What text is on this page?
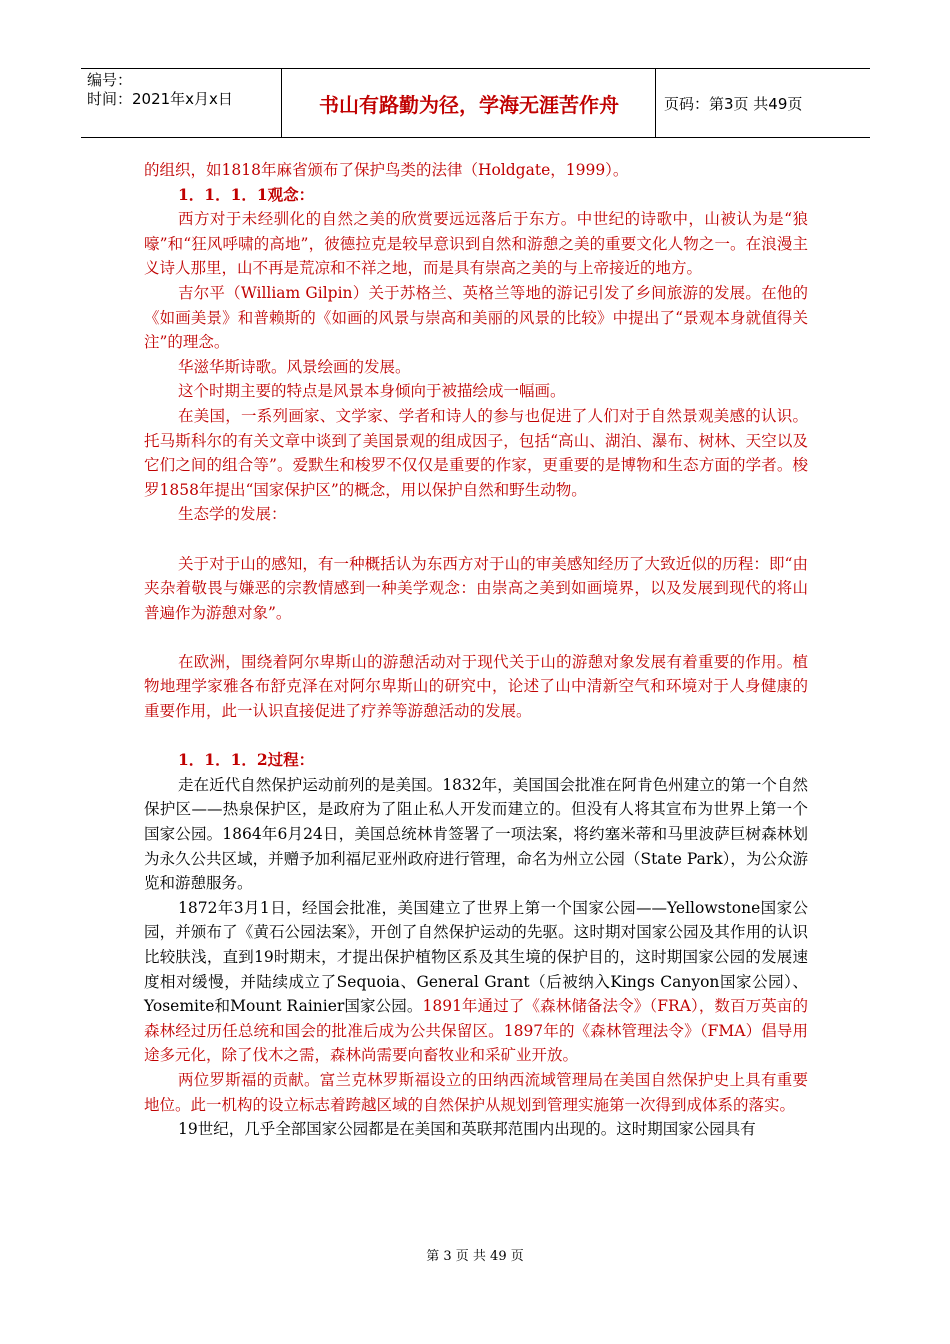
编号：
时间：2021年x月x日	书山有路勤为径，学海无涯苦作舟	页码：第3页 共49页

的组织，如1818年麻省颁布了保护鸟类的法律（Holdgate，1999）。

1．1．1．1观念：

西方对于未经驯化的自然之美的欣赏要远远落后于东方。中世纪的诗歌中，山被认为是“狼嚎”和“狂风呼啸的高地”，彼德拉克是较早意识到自然和游憩之美的重要文化人物之一。在浪漫主义诗人那里，山不再是荒凉和不祥之地，而是具有崇高之美的与上帝接近的地方。

吉尔平（William Gilpin）关于苏格兰、英格兰等地的游记引发了乡间旅游的发展。在他的《如画美景》和普赖斯的《如画的风景与崇高和美丽的风景的比较》中提出了“景观本身就值得关注”的理念。

华滋华斯诗歌。风景绘画的发展。

这个时期主要的特点是风景本身倾向于被描绘成一幅画。

在美国，一系列画家、文学家、学者和诗人的参与也促进了人们对于自然景观美感的认识。托马斯科尔的有关文章中谈到了美国景观的组成因子，包括“高山、湖泊、瀑布、树林、天空以及它们之间的组合等”。爱默生和梭罗不仅仅是重要的作家，更重要的是博物和生态方面的学者。梭罗1858年提出“国家保护区”的概念，用以保护自然和野生动物。

生态学的发展：

关于对于山的感知，有一种概括认为东西方对于山的审美感知经历了大致近似的历程：即“由夹杂着敬畏与嫌恶的宗教情感到一种美学观念：由崇高之美到如画境界，以及发展到现代的将山普遍作为游憩对象”。

在欧洲，围绕着阿尔卑斯山的游憩活动对于现代关于山的游憩对象发展有着重要的作用。植物地理学家雅各布舒克泽在对阿尔卑斯山的研究中，论述了山中清新空气和环境对于人身健康的重要作用，此一认识直接促进了疗养等游憩活动的发展。

1．1．1．2过程：

走在近代自然保护运动前列的是美国。1832年，美国国会批准在阿肯色州建立的第一个自然保护区——热泉保护区，是政府为了阻止私人开发而建立的。但没有人将其宣布为世界上第一个国家公园。1864年6月24日，美国总统林肯签署了一项法案，将约塞米蒂和马里波萨巨树森林划为永久公共区域，并赠予加利福尼亚州政府进行管理，命名为州立公园（State Park），为公众游览和游憩服务。

1872年3月1日，经国会批准，美国建立了世界上第一个国家公园——Yellowstone国家公园，并颁布了《黄石公园法案》，开创了自然保护运动的先驱。这时期对国家公园及其作用的认识比较肤浅，直到19时期末，才提出保护植物区系及其生境的保护目的，这时期国家公园的发展速度相对缓慢，并陆续成立了Sequoia、General Grant（后被纳入Kings Canyon国家公园）、Yosemite和Mount Rainier国家公园。1891年通过了《森林储备法令》（FRA），数百万英亩的森林经过历任总统和国会的批准后成为公共保留区。1897年的《森林管理法令》（FMA）倡导用途多元化，除了伐木之需，森林尚需要向畜牧业和采矿业开放。

两位罗斯福的贡献。富兰克林罗斯福设立的田纳西流域管理局在美国自然保护史上具有重要地位。此一机构的设立标志着跨越区域的自然保护从规划到管理实施第一次得到成体系的落实。

19世纪，几乎全部国家公园都是在美国和英联邦范围内出现的。这时期国家公园具有

第 3 页 共 49 页
